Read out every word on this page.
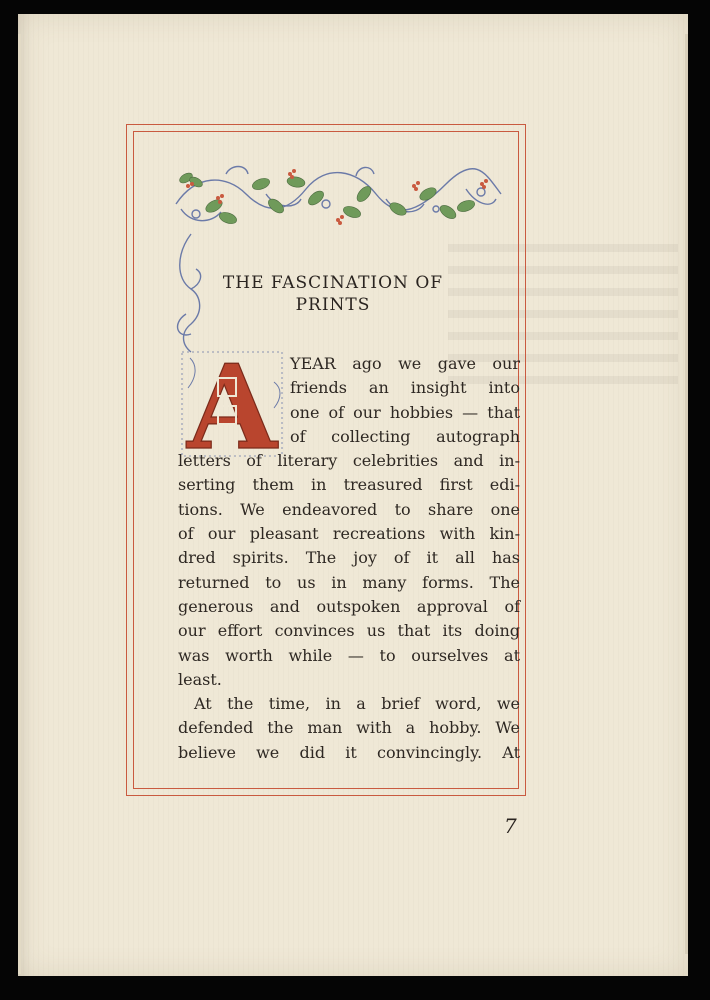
THE FASCINATION OF
PRINTS
A YEAR ago we gave our
friends an insight into
one of our hobbies — that
of collecting autograph
letters of literary celebrities and in-
serting them in treasured first edi-
tions. We endeavored to share one
of our pleasant recreations with kin-
dred spirits. The joy of it all has
returned to us in many forms. The
generous and outspoken approval of
our effort convinces us that its doing
was worth while — to ourselves at
least.
At the time, in a brief word, we
defended the man with a hobby. We
believe we did it convincingly. At
7
